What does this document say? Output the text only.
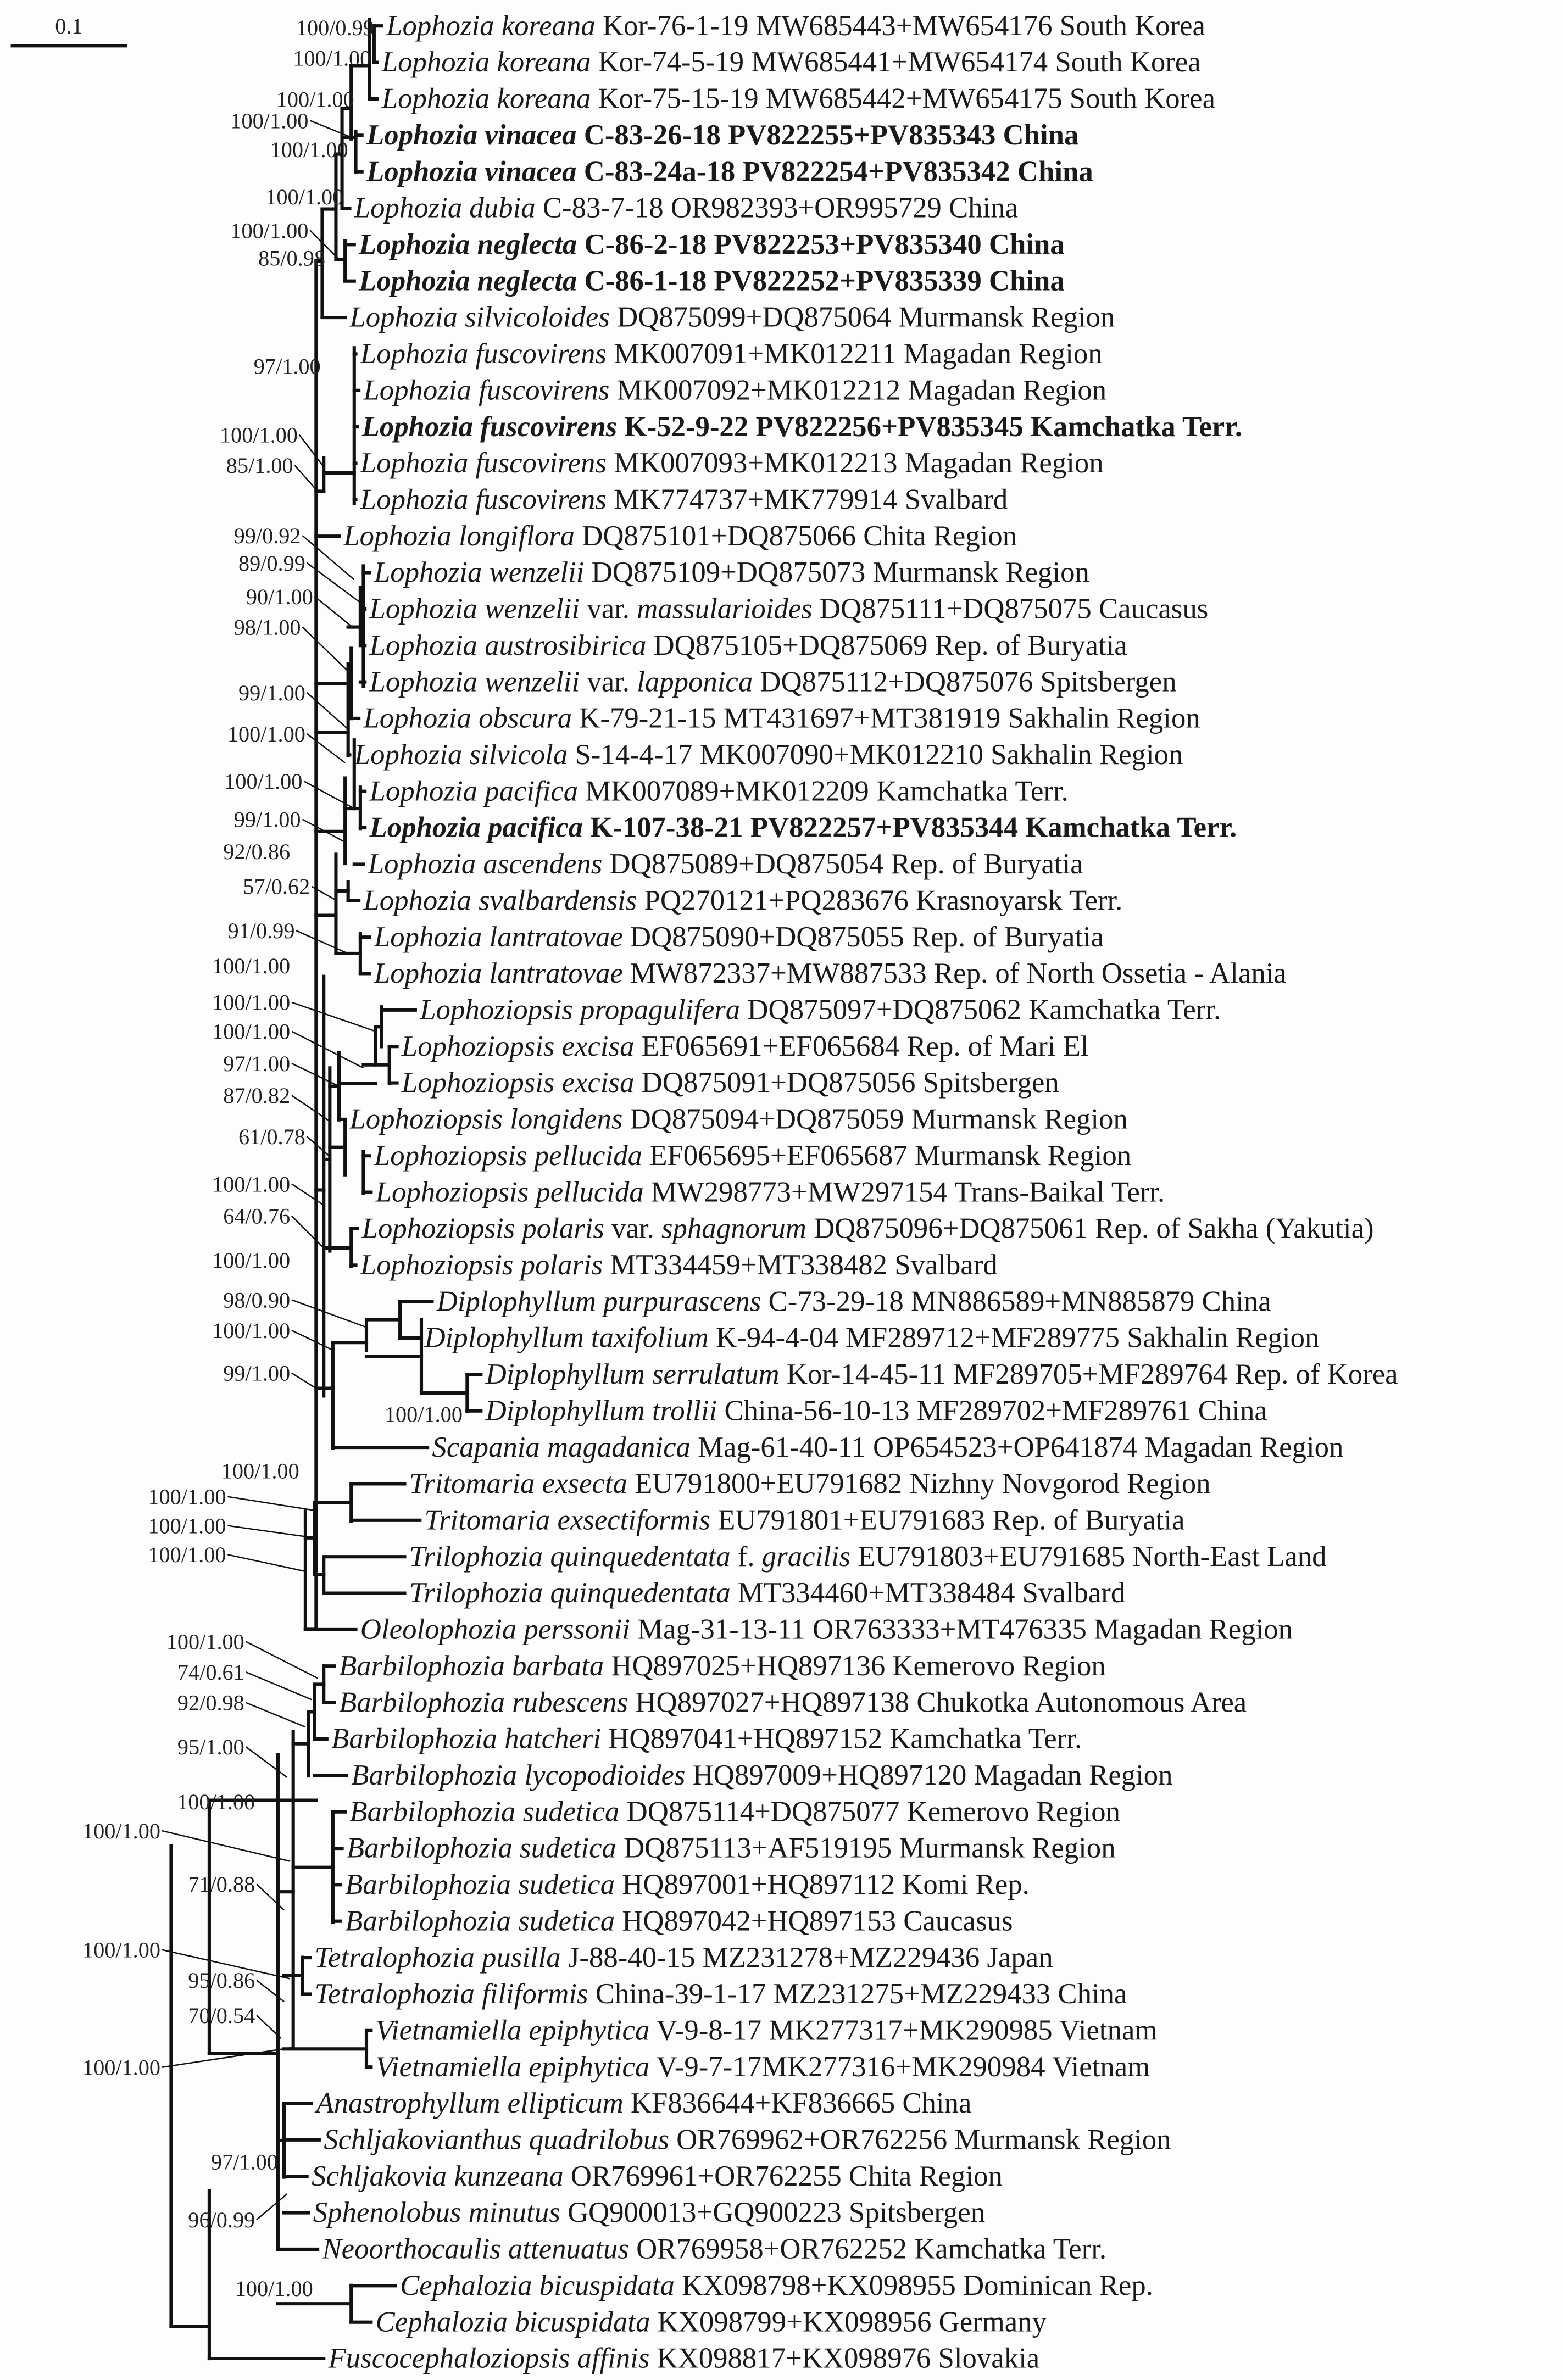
0.1	100/0.99
100/1.00
100/1.00
100/1.00
100/1.00
100/1.00
100/1.00
85/0.98
97/1.00
100/1.00
85/1.00
99/0.92
89/0.99
90/1.00
98/1.00
99/1.00
100/1.00
100/1.00
99/1.00
92/0.86
57/0.62
91/0.99
100/1.00
100/1.00
100/1.00
97/1.00
87/0.82
61/0.78
100/1.00
64/0.76
100/1.00
98/0.90
100/1.00
99/1.00
100/1.00
100/1.00
100/1.00
100/1.00
100/1.00
100/1.00
74/0.61
92/0.98
95/1.00
100/1.00
100/1.00
71/0.88
100/1.00
95/0.86
70/0.54
100/1.00
97/1.00
96/0.99
100/1.00
Lophozia koreana Kor-76-1-19 MW685443+MW654176 South Korea
Lophozia koreana Kor-74-5-19 MW685441+MW654174 South Korea
Lophozia koreana Kor-75-15-19 MW685442+MW654175 South Korea
Lophozia vinacea C-83-26-18 PV822255+PV835343 China
Lophozia vinacea C-83-24a-18 PV822254+PV835342 China
Lophozia dubia C-83-7-18 OR982393+OR995729 China
Lophozia neglecta C-86-2-18 PV822253+PV835340 China
Lophozia neglecta C-86-1-18 PV822252+PV835339 China
Lophozia silvicoloides DQ875099+DQ875064 Murmansk Region
Lophozia fuscovirens MK007091+MK012211 Magadan Region
Lophozia fuscovirens MK007092+MK012212 Magadan Region
Lophozia fuscovirens K-52-9-22 PV822256+PV835345 Kamchatka Terr.
Lophozia fuscovirens MK007093+MK012213 Magadan Region
Lophozia fuscovirens MK774737+MK779914 Svalbard
Lophozia longiflora DQ875101+DQ875066 Chita Region
Lophozia wenzelii DQ875109+DQ875073 Murmansk Region
Lophozia wenzelii var. massularioides DQ875111+DQ875075 Caucasus
Lophozia austrosibirica DQ875105+DQ875069 Rep. of Buryatia
Lophozia wenzelii var. lapponica DQ875112+DQ875076 Spitsbergen
Lophozia obscura K-79-21-15 MT431697+MT381919 Sakhalin Region
Lophozia silvicola S-14-4-17 MK007090+MK012210 Sakhalin Region
Lophozia pacifica MK007089+MK012209 Kamchatka Terr.
Lophozia pacifica K-107-38-21 PV822257+PV835344 Kamchatka Terr.
Lophozia ascendens DQ875089+DQ875054 Rep. of Buryatia
Lophozia svalbardensis PQ270121+PQ283676 Krasnoyarsk Terr.
Lophozia lantratovae DQ875090+DQ875055 Rep. of Buryatia
Lophozia lantratovae MW872337+MW887533 Rep. of North Ossetia - Alania
Lophoziopsis propagulifera DQ875097+DQ875062 Kamchatka Terr.
Lophoziopsis excisa EF065691+EF065684 Rep. of Mari El
Lophoziopsis excisa DQ875091+DQ875056 Spitsbergen
Lophoziopsis longidens DQ875094+DQ875059 Murmansk Region
Lophoziopsis pellucida EF065695+EF065687 Murmansk Region
Lophoziopsis pellucida MW298773+MW297154 Trans-Baikal Terr.
Lophoziopsis polaris var. sphagnorum DQ875096+DQ875061 Rep. of Sakha (Yakutia)
Lophoziopsis polaris MT334459+MT338482 Svalbard
Diplophyllum purpurascens C-73-29-18 MN886589+MN885879 China
Diplophyllum taxifolium K-94-4-04 MF289712+MF289775 Sakhalin Region
Diplophyllum serrulatum Kor-14-45-11 MF289705+MF289764 Rep. of Korea
Diplophyllum trollii China-56-10-13 MF289702+MF289761 China
Scapania magadanica Mag-61-40-11 OP654523+OP641874 Magadan Region
Tritomaria exsecta EU791800+EU791682 Nizhny Novgorod Region
Tritomaria exsectiformis EU791801+EU791683 Rep. of Buryatia
Trilophozia quinquedentata f. gracilis EU791803+EU791685 North-East Land
Trilophozia quinquedentata MT334460+MT338484 Svalbard
Oleolophozia perssonii Mag-31-13-11 OR763333+MT476335 Magadan Region
Barbilophozia barbata HQ897025+HQ897136 Kemerovo Region
Barbilophozia rubescens HQ897027+HQ897138 Chukotka Autonomous Area
Barbilophozia hatcheri HQ897041+HQ897152 Kamchatka Terr.
Barbilophozia lycopodioides HQ897009+HQ897120 Magadan Region
Barbilophozia sudetica DQ875114+DQ875077 Kemerovo Region
Barbilophozia sudetica DQ875113+AF519195 Murmansk Region
Barbilophozia sudetica HQ897001+HQ897112 Komi Rep.
Barbilophozia sudetica HQ897042+HQ897153 Caucasus
Tetralophozia pusilla J-88-40-15 MZ231278+MZ229436 Japan
Tetralophozia filiformis China-39-1-17 MZ231275+MZ229433 China
Vietnamiella epiphytica V-9-8-17 MK277317+MK290985 Vietnam
Vietnamiella epiphytica V-9-7-17MK277316+MK290984 Vietnam
Anastrophyllum ellipticum KF836644+KF836665 China
Schljakovianthus quadrilobus OR769962+OR762256 Murmansk Region
Schljakovia kunzeana OR769961+OR762255 Chita Region
Sphenolobus minutus GQ900013+GQ900223 Spitsbergen
Neoorthocaulis attenuatus OR769958+OR762252 Kamchatka Terr.
Cephalozia bicuspidata KX098798+KX098955 Dominican Rep.
Cephalozia bicuspidata KX098799+KX098956 Germany
Fuscocephaloziopsis affinis KX098817+KX098976 Slovakia
